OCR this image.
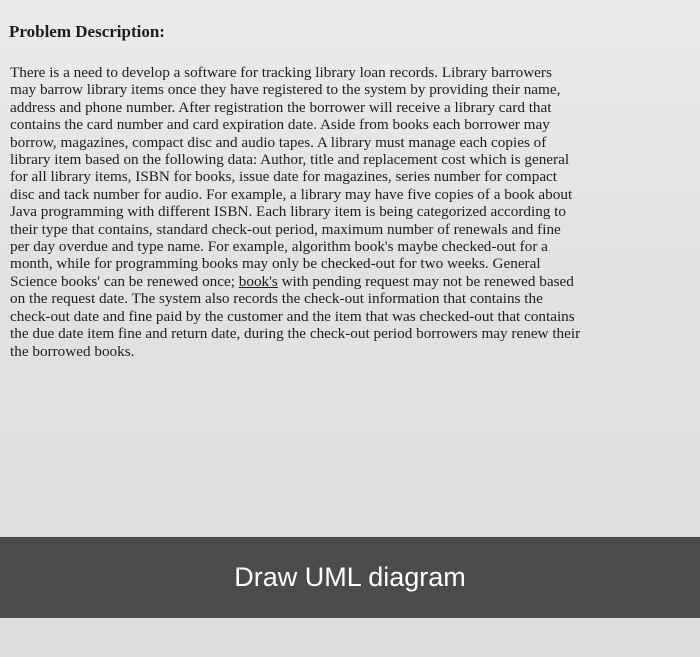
Problem Description:

There is a need to develop a software for tracking library loan records. Library barrowers
may barrow library items once they have registered to the system by providing their name,
address and phone number. After registration the borrower will receive a library card that
contains the card number and card expiration date. Aside from books each borrower may
borrow, magazines, compact disc and audio tapes. A library must manage each copies of
library item based on the following data: Author, title and replacement cost which is general
for all library items, ISBN for books, issue date for magazines, series number for compact
disc and tack number for audio. For example, a library may have five copies of a book about
Java programming with different ISBN. Each library item is being categorized according to
their type that contains, standard check-out period, maximum number of renewals and fine
per day overdue and type name. For example, algorithm book's maybe checked-out for a
month, while for programming books may only be checked-out for two weeks. General
Science books' can be renewed once; book's with pending request may not be renewed based
on the request date. The system also records the check-out information that contains the
check-out date and fine paid by the customer and the item that was checked-out that contains
the due date item fine and return date, during the check-out period borrowers may renew their
the borrowed books.

Draw UML diagram
